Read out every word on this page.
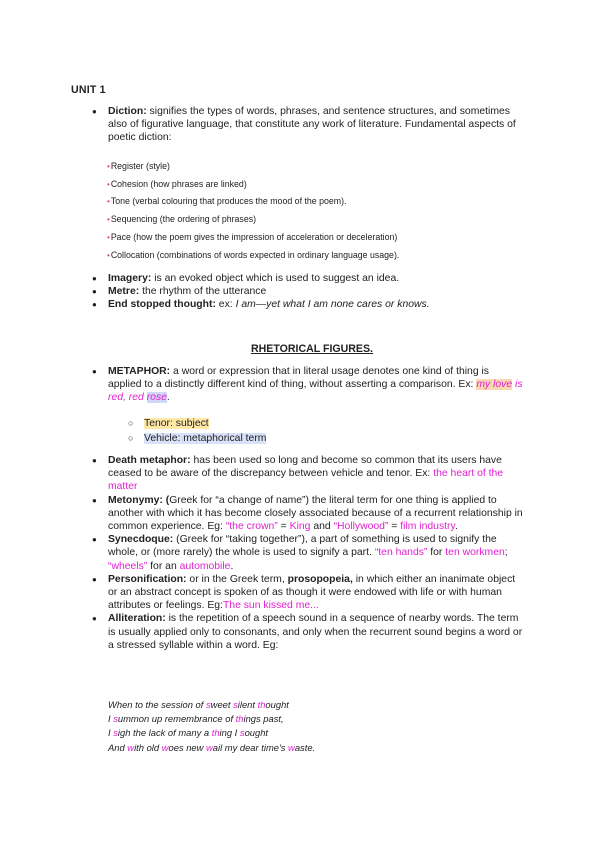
UNIT 1
● Diction: signifies the types of words, phrases, and sentence structures, and sometimes also of figurative language, that constitute any work of literature. Fundamental aspects of poetic diction:
•Register (style)
•Cohesion (how phrases are linked)
•Tone (verbal colouring that produces the mood of the poem).
•Sequencing (the ordering of phrases)
•Pace (how the poem gives the impression of acceleration or deceleration)
•Collocation (combinations of words expected in ordinary language usage).
● Imagery: is an evoked object which is used to suggest an idea.
● Metre: the rhythm of the utterance
● End stopped thought: ex: I am—yet what I am none cares or knows.
RHETORICAL FIGURES.
● METAPHOR: a word or expression that in literal usage denotes one kind of thing is applied to a distinctly different kind of thing, without asserting a comparison. Ex: my love is red, red rose.
○ Tenor: subject
○ Vehicle: metaphorical term
● Death metaphor: has been used so long and become so common that its users have ceased to be aware of the discrepancy between vehicle and tenor. Ex: the heart of the matter
● Metonymy: (Greek for “a change of name”) the literal term for one thing is applied to another with which it has become closely associated because of a recurrent relationship in common experience. Eg: “the crown” = King and “Hollywood” = film industry.
● Synecdoque: (Greek for “taking together”), a part of something is used to signify the whole, or (more rarely) the whole is used to signify a part. “ten hands” for ten workmen; “wheels” for an automobile.
● Personification: or in the Greek term, prosopopeia, in which either an inanimate object or an abstract concept is spoken of as though it were endowed with life or with human attributes or feelings. Eg:The sun kissed me...
● Alliteration: is the repetition of a speech sound in a sequence of nearby words. The term is usually applied only to consonants, and only when the recurrent sound begins a word or a stressed syllable within a word. Eg:
When to the session of sweet silent thought
I summon up remembrance of things past,
I sigh the lack of many a thing I sought
And with old woes new wail my dear time's waste.
